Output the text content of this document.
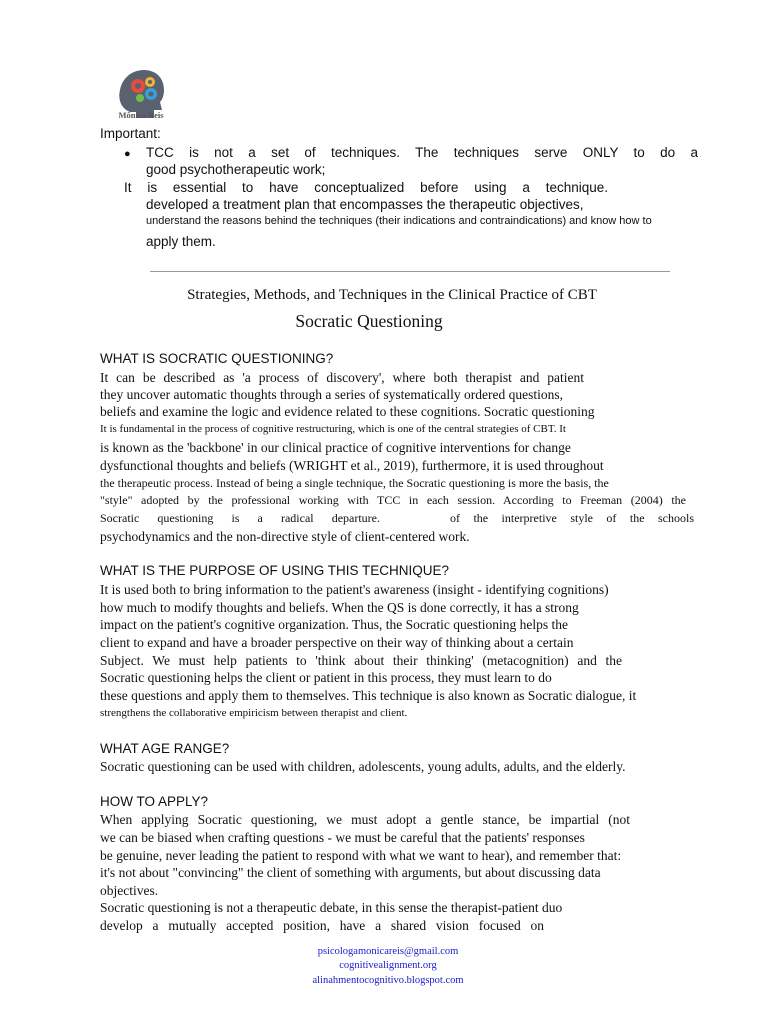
Mônica Reis

Important:

● TCC is not a set of techniques. The techniques serve ONLY to do a

good psychotherapeutic work;

It is essential to have conceptualized before using a technique.

developed a treatment plan that encompasses the therapeutic objectives,

understand the reasons behind the techniques (their indications and contraindications) and know how to

apply them.

Strategies, Methods, and Techniques in the Clinical Practice of CBT

Socratic Questioning

WHAT IS SOCRATIC QUESTIONING?

It can be described as 'a process of discovery', where both therapist and patient

they uncover automatic thoughts through a series of systematically ordered questions,

beliefs and examine the logic and evidence related to these cognitions. Socratic questioning

It is fundamental in the process of cognitive restructuring, which is one of the central strategies of CBT. It

is known as the 'backbone' in our clinical practice of cognitive interventions for change

dysfunctional thoughts and beliefs (WRIGHT et al., 2019), furthermore, it is used throughout

the therapeutic process. Instead of being a single technique, the Socratic questioning is more the basis, the

"style" adopted by the professional working with TCC in each session. According to Freeman (2004) the

Socratic questioning is a radical departure.	of the interpretive style of the schools

psychodynamics and the non-directive style of client-centered work.

WHAT IS THE PURPOSE OF USING THIS TECHNIQUE?

It is used both to bring information to the patient's awareness (insight - identifying cognitions)

how much to modify thoughts and beliefs. When the QS is done correctly, it has a strong

impact on the patient's cognitive organization. Thus, the Socratic questioning helps the

client to expand and have a broader perspective on their way of thinking about a certain

Subject. We must help patients to 'think about their thinking' (metacognition) and the

Socratic questioning helps the client or patient in this process, they must learn to do

these questions and apply them to themselves. This technique is also known as Socratic dialogue, it

strengthens the collaborative empiricism between therapist and client.

WHAT AGE RANGE?

Socratic questioning can be used with children, adolescents, young adults, adults, and the elderly.

HOW TO APPLY?

When applying Socratic questioning, we must adopt a gentle stance, be impartial (not

we can be biased when crafting questions - we must be careful that the patients' responses

be genuine, never leading the patient to respond with what we want to hear), and remember that:

it's not about "convincing" the client of something with arguments, but about discussing data

objectives.

Socratic questioning is not a therapeutic debate, in this sense the therapist-patient duo

develop a mutually accepted position, have a shared vision focused on

psicologamonicareis@gmail.com

cognitivealignment.org

alinahmentocognitivo.blogspot.com
